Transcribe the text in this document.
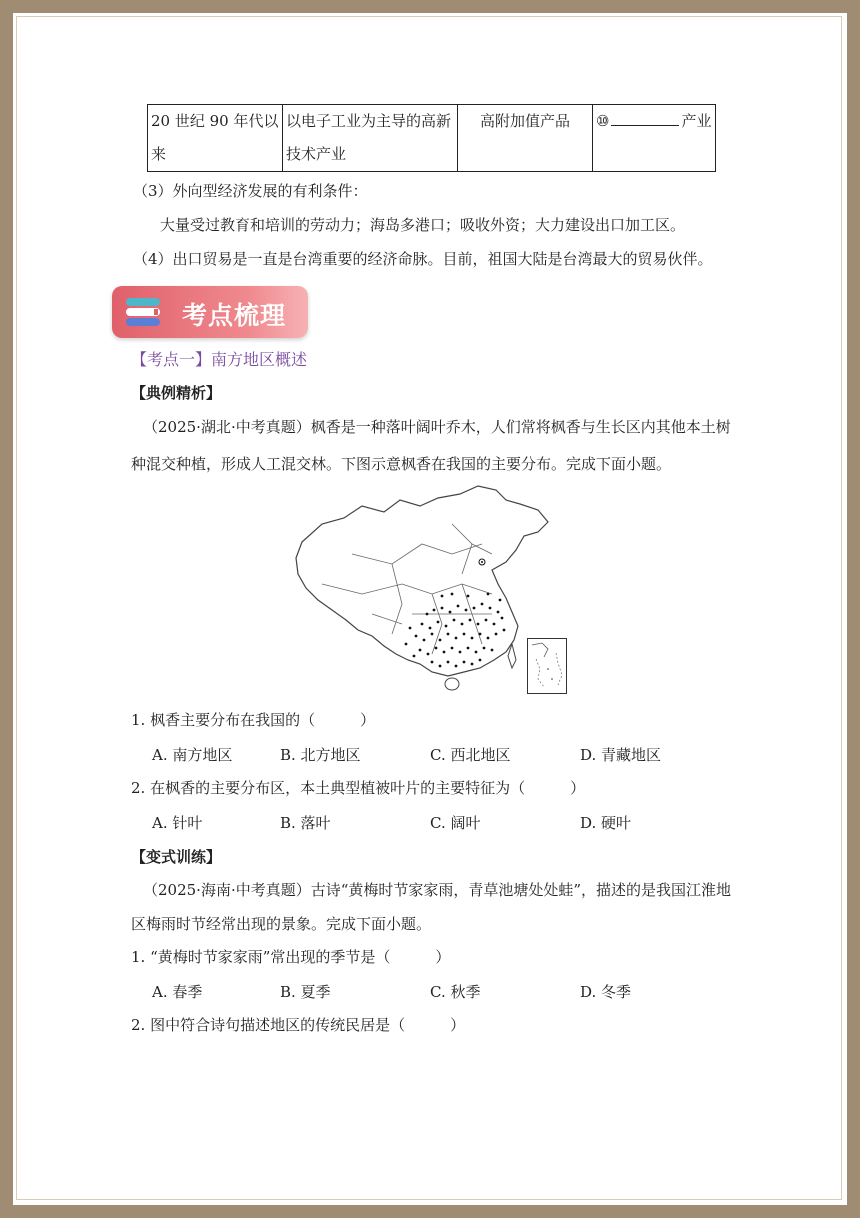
20 世纪 90 年代以来	以电子工业为主导的高新技术产业	高附加值产品	⑩	产业
（3）外向型经济发展的有利条件：
大量受过教育和培训的劳动力；海岛多港口；吸收外资；大力建设出口加工区。
（4）出口贸易是一直是台湾重要的经济命脉。目前，祖国大陆是台湾最大的贸易伙伴。
考点梳理
【考点一】南方地区概述
【典例精析】
（2025·湖北·中考真题）枫香是一种落叶阔叶乔木，人们常将枫香与生长区内其他本土树
种混交种植，形成人工混交林。下图示意枫香在我国的主要分布。完成下面小题。
1. 枫香主要分布在我国的（　　　）
A. 南方地区	B. 北方地区	C. 西北地区	D. 青藏地区
2. 在枫香的主要分布区，本土典型植被叶片的主要特征为（　　　）
A. 针叶	B. 落叶	C. 阔叶	D. 硬叶
【变式训练】
（2025·海南·中考真题）古诗“黄梅时节家家雨，青草池塘处处蛙”，描述的是我国江淮地
区梅雨时节经常出现的景象。完成下面小题。
1. “黄梅时节家家雨”常出现的季节是（　　　）
A. 春季	B. 夏季	C. 秋季	D. 冬季
2. 图中符合诗句描述地区的传统民居是（　　　）
